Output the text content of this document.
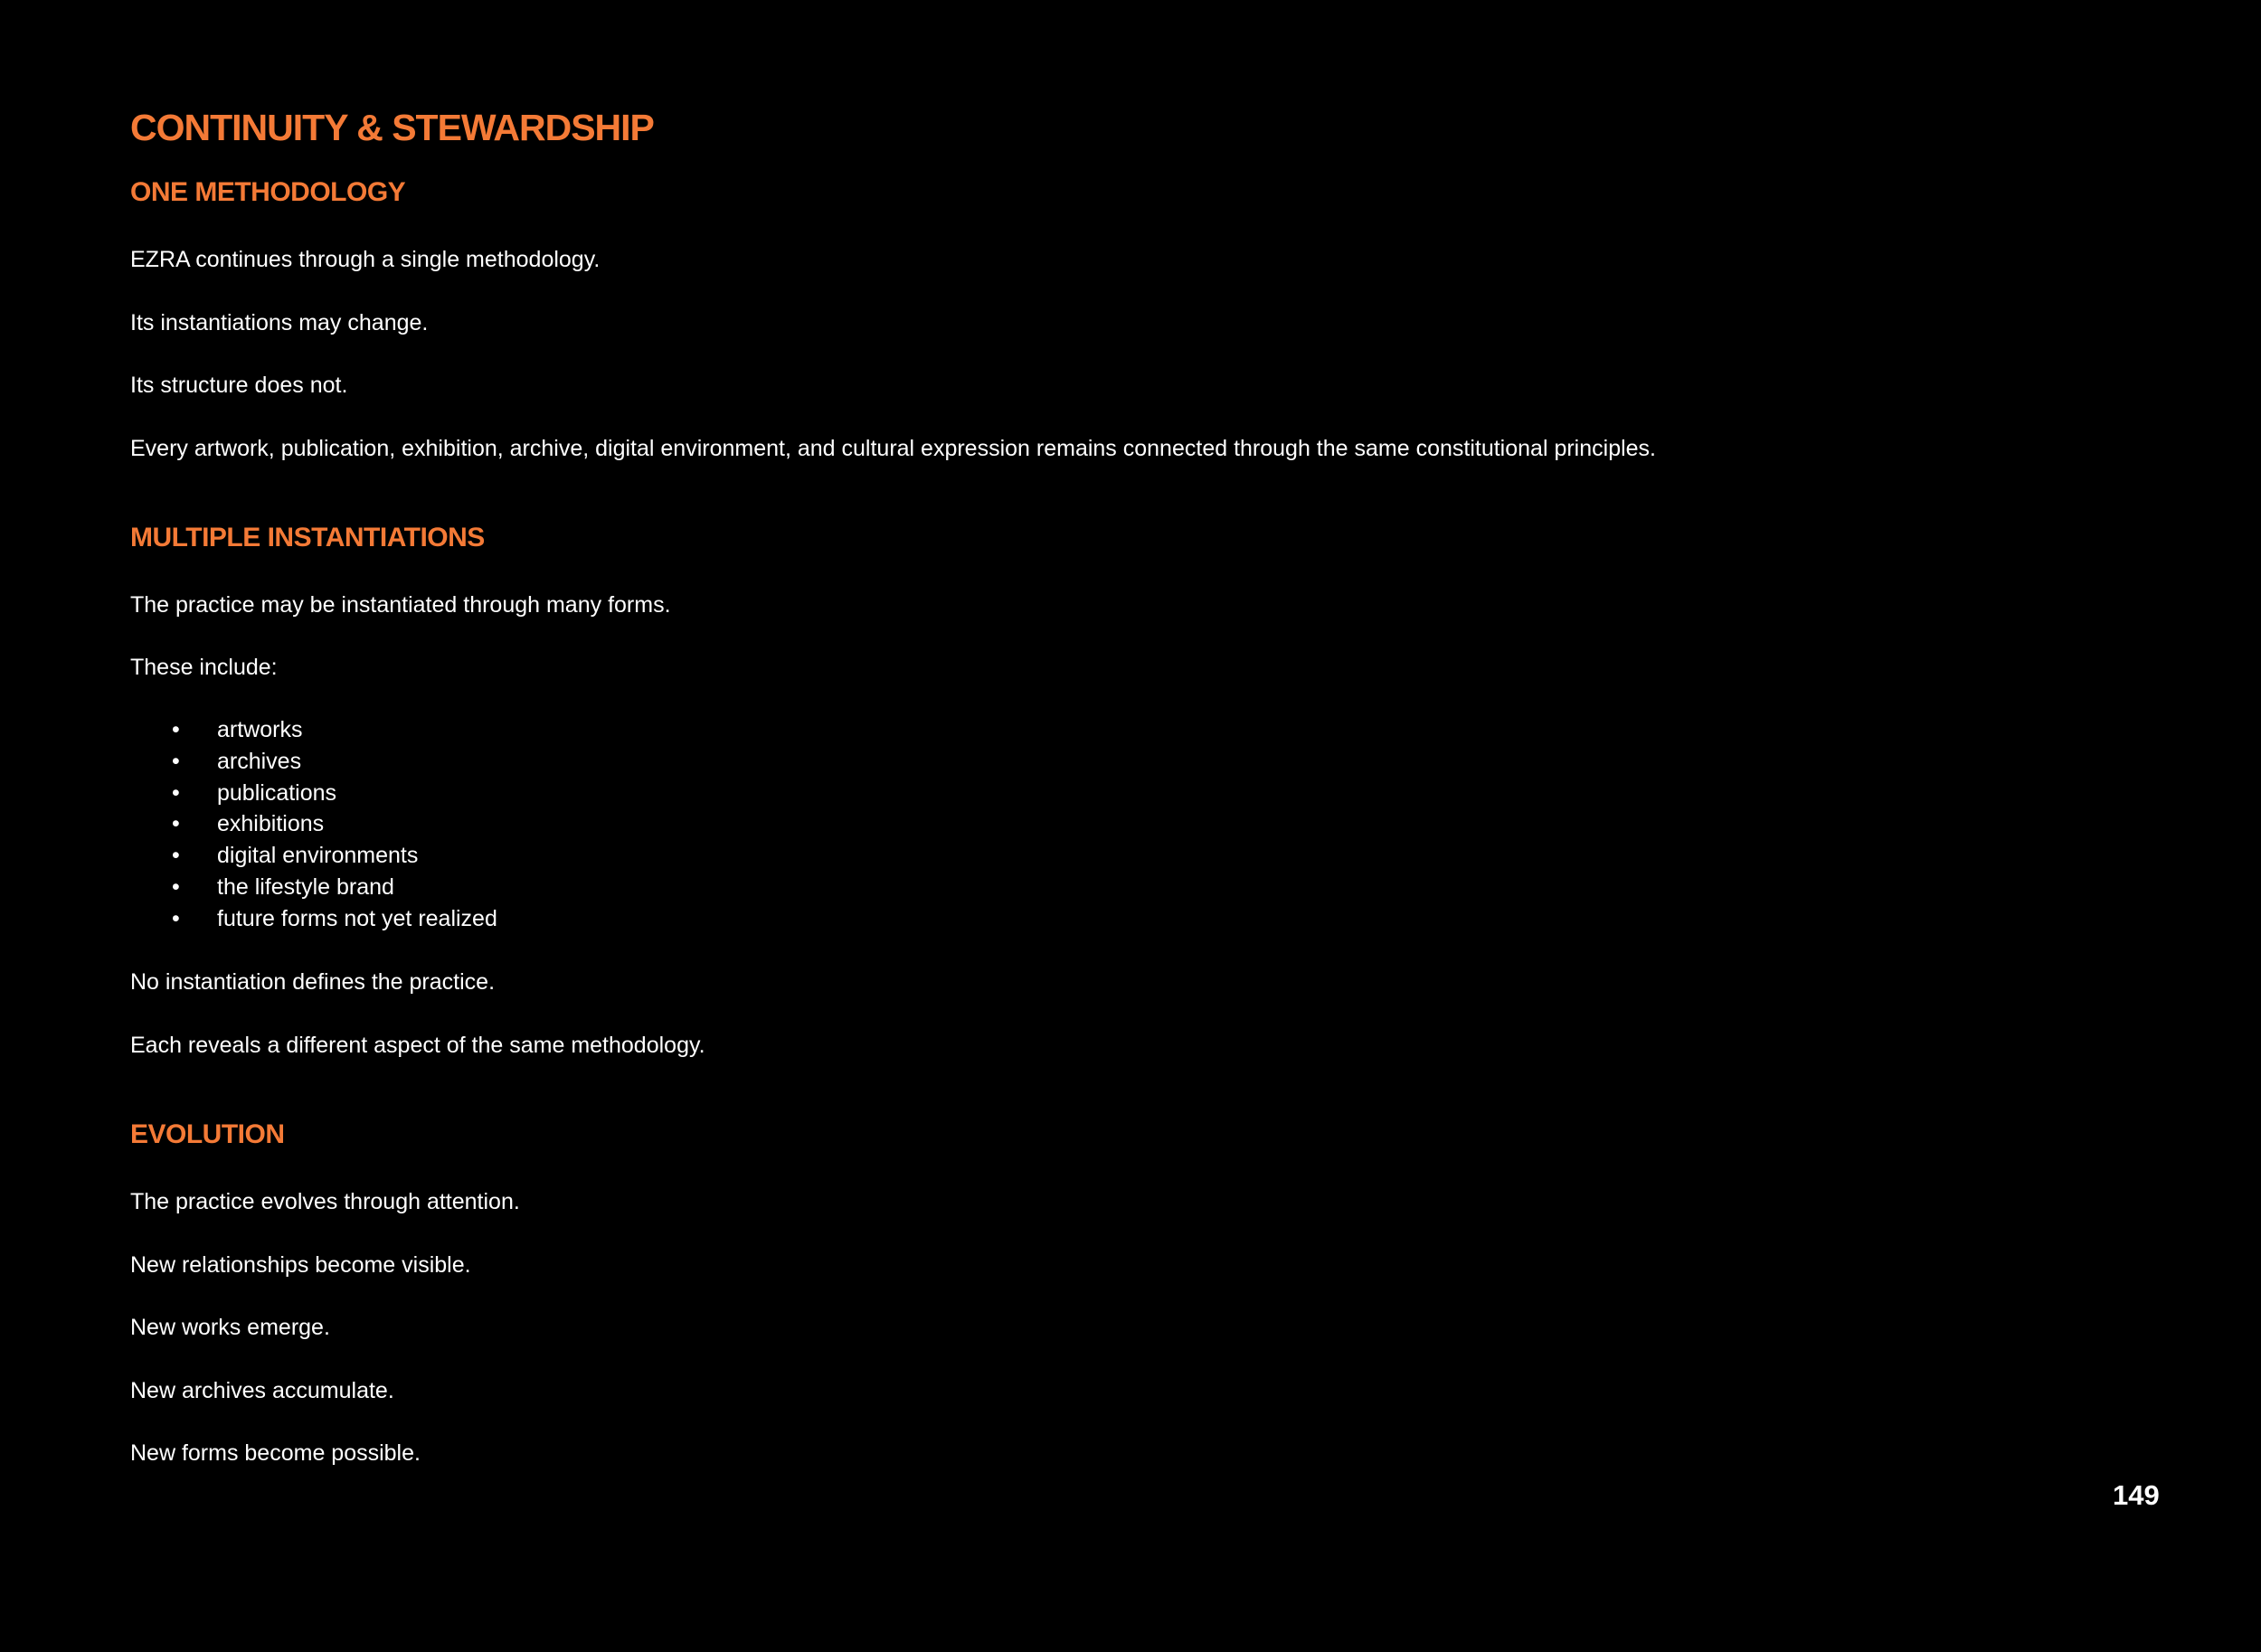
CONTINUITY & STEWARDSHIP
ONE METHODOLOGY

EZRA continues through a single methodology.

Its instantiations may change.

Its structure does not.

Every artwork, publication, exhibition, archive, digital environment, and cultural expression remains connected through the same constitutional principles.

MULTIPLE INSTANTIATIONS

The practice may be instantiated through many forms.

These include:

• artworks
• archives
• publications
• exhibitions
• digital environments
• the lifestyle brand
• future forms not yet realized

No instantiation defines the practice.

Each reveals a different aspect of the same methodology.

EVOLUTION

The practice evolves through attention.

New relationships become visible.

New works emerge.

New archives accumulate.

New forms become possible.

149
